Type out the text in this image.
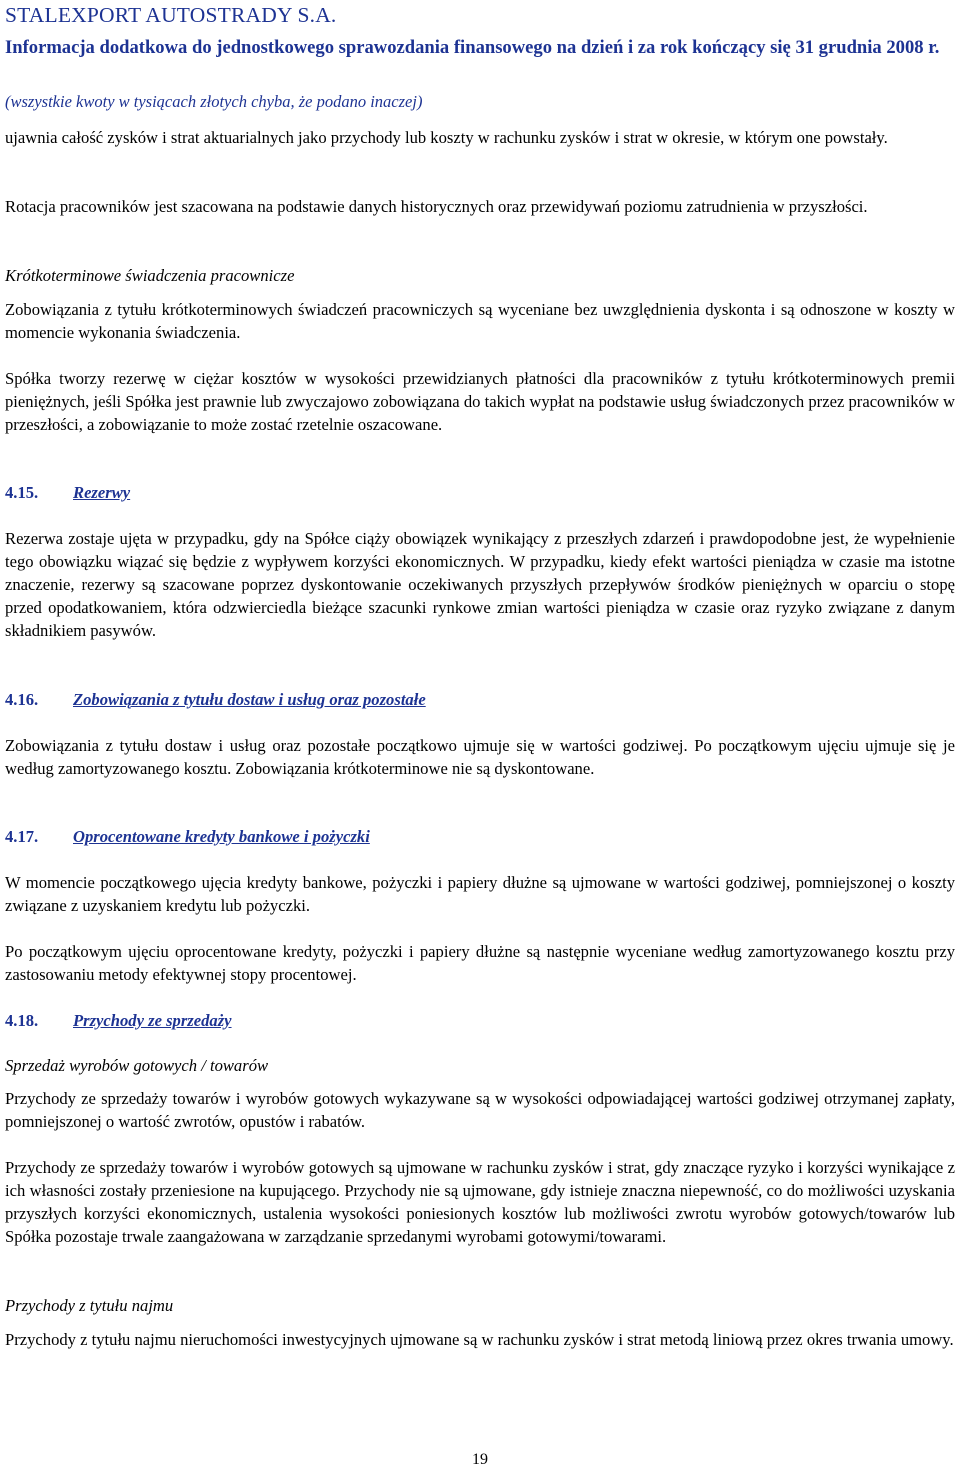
STALEXPORT AUTOSTRADY S.A.
Informacja dodatkowa do jednostkowego sprawozdania finansowego na dzień i za rok kończący się 31 grudnia 2008 r.
(wszystkie kwoty w tysiącach złotych chyba, że podano inaczej)
ujawnia całość zysków i strat aktuarialnych jako przychody lub koszty w rachunku zysków i strat w okresie, w którym one powstały.
Rotacja pracowników jest szacowana na podstawie danych historycznych oraz przewidywań poziomu zatrudnienia w przyszłości.
Krótkoterminowe świadczenia pracownicze
Zobowiązania z tytułu krótkoterminowych świadczeń pracowniczych są wyceniane bez uwzględnienia dyskonta i są odnoszone w koszty w momencie wykonania świadczenia.
Spółka tworzy rezerwę w ciężar kosztów w wysokości przewidzianych płatności dla pracowników z tytułu krótkoterminowych premii pieniężnych, jeśli Spółka jest prawnie lub zwyczajowo zobowiązana do takich wypłat na podstawie usług świadczonych przez pracowników w przeszłości, a zobowiązanie to może zostać rzetelnie oszacowane.
4.15. Rezerwy
Rezerwa zostaje ujęta w przypadku, gdy na Spółce ciąży obowiązek wynikający z przeszłych zdarzeń i prawdopodobne jest, że wypełnienie tego obowiązku wiązać się będzie z wypływem korzyści ekonomicznych. W przypadku, kiedy efekt wartości pieniądza w czasie ma istotne znaczenie, rezerwy są szacowane poprzez dyskontowanie oczekiwanych przyszłych przepływów środków pieniężnych w oparciu o stopę przed opodatkowaniem, która odzwierciedla bieżące szacunki rynkowe zmian wartości pieniądza w czasie oraz ryzyko związane z danym składnikiem pasywów.
4.16. Zobowiązania z tytułu dostaw i usług oraz pozostałe
Zobowiązania z tytułu dostaw i usług oraz pozostałe początkowo ujmuje się w wartości godziwej. Po początkowym ujęciu ujmuje się je według zamortyzowanego kosztu. Zobowiązania krótkoterminowe nie są dyskontowane.
4.17. Oprocentowane kredyty bankowe i pożyczki
W momencie początkowego ujęcia kredyty bankowe, pożyczki i papiery dłużne są ujmowane w wartości godziwej, pomniejszonej o koszty związane z uzyskaniem kredytu lub pożyczki.
Po początkowym ujęciu oprocentowane kredyty, pożyczki i papiery dłużne są następnie wyceniane według zamortyzowanego kosztu przy zastosowaniu metody efektywnej stopy procentowej.
4.18. Przychody ze sprzedaży
Sprzedaż wyrobów gotowych / towarów
Przychody ze sprzedaży towarów i wyrobów gotowych wykazywane są w wysokości odpowiadającej wartości godziwej otrzymanej zapłaty, pomniejszonej o wartość zwrotów, opustów i rabatów.
Przychody ze sprzedaży towarów i wyrobów gotowych są ujmowane w rachunku zysków i strat, gdy znaczące ryzyko i korzyści wynikające z ich własności zostały przeniesione na kupującego. Przychody nie są ujmowane, gdy istnieje znaczna niepewność, co do możliwości uzyskania przyszłych korzyści ekonomicznych, ustalenia wysokości poniesionych kosztów lub możliwości zwrotu wyrobów gotowych/towarów lub Spółka pozostaje trwale zaangażowana w zarządzanie sprzedanymi wyrobami gotowymi/towarami.
Przychody z tytułu najmu
Przychody z tytułu najmu nieruchomości inwestycyjnych ujmowane są w rachunku zysków i strat metodą liniową przez okres trwania umowy.
19
